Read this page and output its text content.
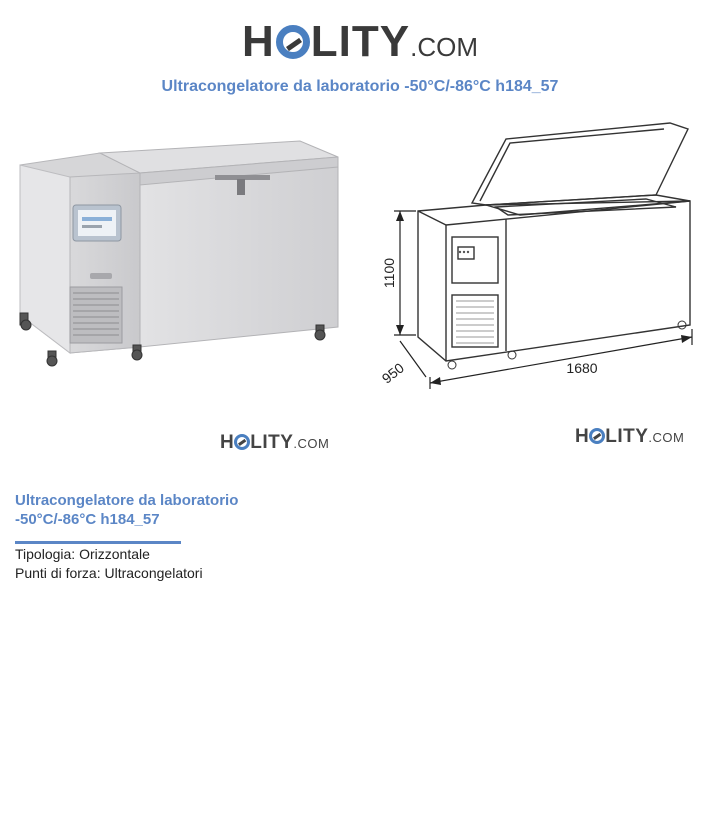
H LITY.COM
Ultracongelatore da laboratorio -50°C/-86°C h184_57
1100
1680
950
H LITY.COM	H LITY.COM
Ultracongelatore da laboratorio
-50°C/-86°C h184_57
Tipologia: Orizzontale
Punti di forza: Ultracongelatori
